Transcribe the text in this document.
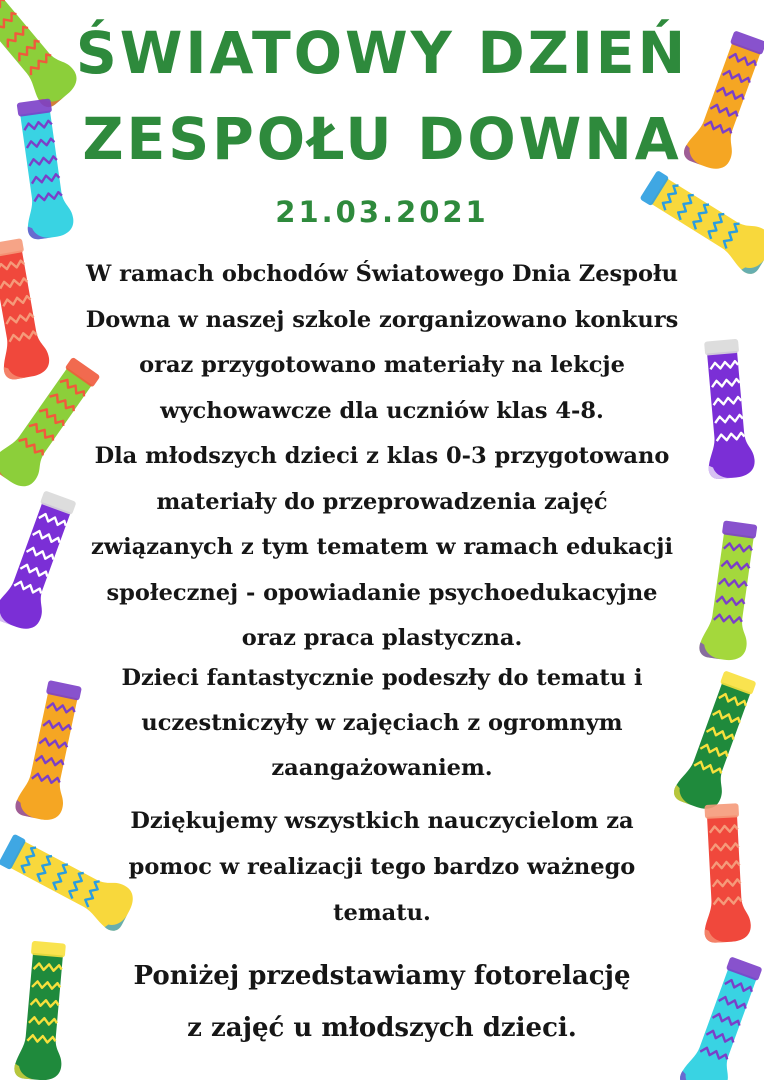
ŚWIATOWY DZIEŃ
ZESPOŁU DOWNA
21.03.2021

W ramach obchodów Światowego Dnia Zespołu
Downa w naszej szkole zorganizowano konkurs
oraz przygotowano materiały na lekcje
wychowawcze dla uczniów klas 4-8.
Dla młodszych dzieci z klas 0-3 przygotowano
materiały do przeprowadzenia zajęć
związanych z tym tematem w ramach edukacji
społecznej - opowiadanie psychoedukacyjne
oraz praca plastyczna.

Dzieci fantastycznie podeszły do tematu i
uczestniczyły w zajęciach z ogromnym
zaangażowaniem.

Dziękujemy wszystkich nauczycielom za
pomoc w realizacji tego bardzo ważnego
tematu.

Poniżej przedstawiamy fotorelację
z zajęć u młodszych dzieci.
